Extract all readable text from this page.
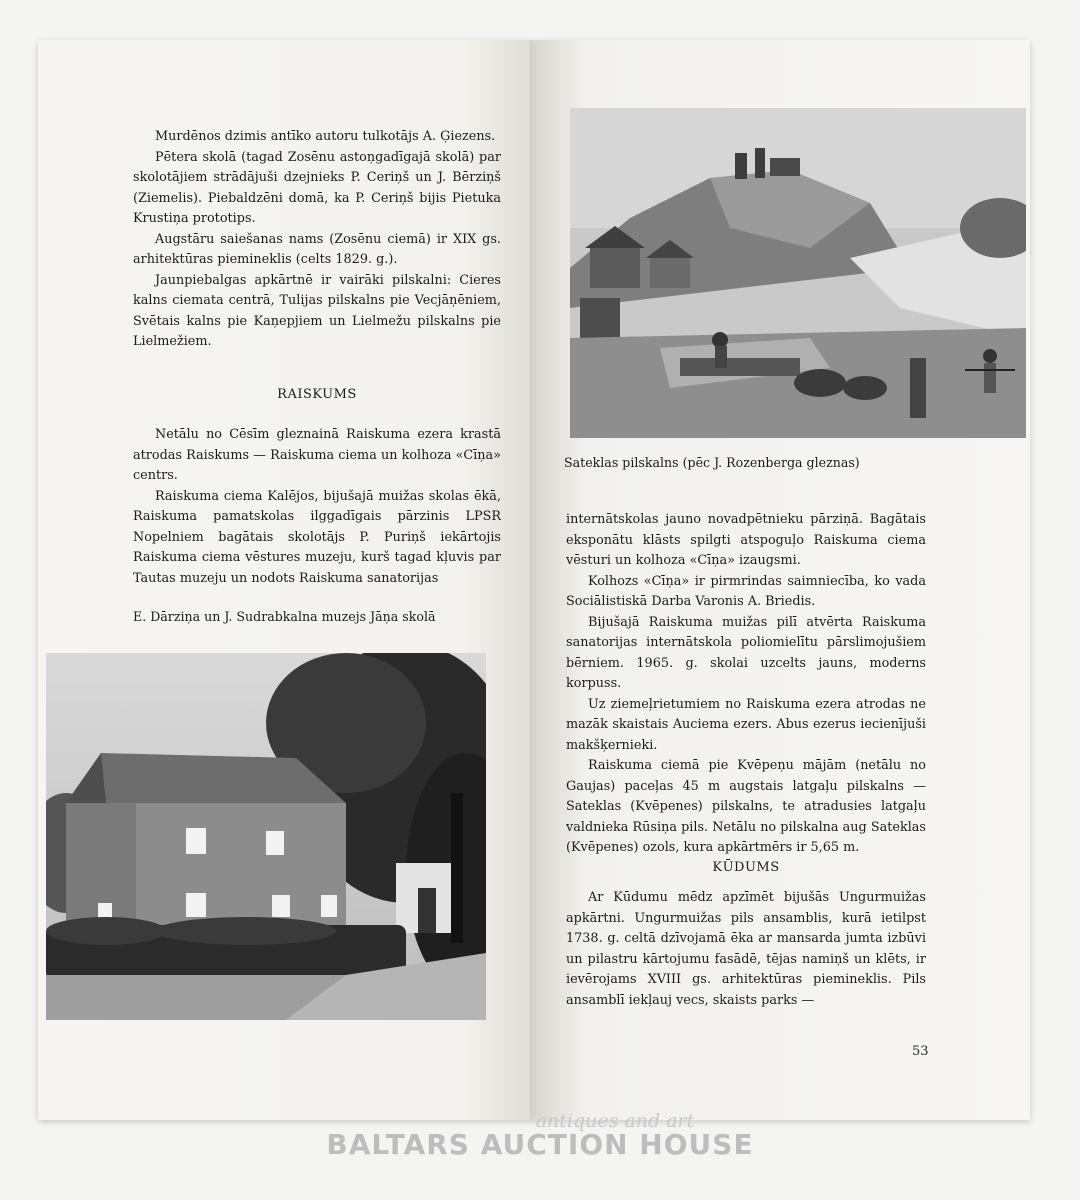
Murdēnos dzimis antīko autoru tulkotājs A. Ģiezens.

Pētera skolā (tagad Zosēnu astoņgadīgajā skolā) par skolotājiem strādājuši dzejnieks P. Ceriņš un J. Bērziņš (Ziemelis). Piebaldzēni domā, ka P. Ceriņš bijis Pietuka Krustiņa prototips.

Augstāru saiešanas nams (Zosēnu ciemā) ir XIX gs. arhitektūras piemineklis (celts 1829. g.).

Jaunpiebalgas apkārtnē ir vairāki pilskalni: Cieres kalns ciemata centrā, Tulijas pilskalns pie Vecjāņēniem, Svētais kalns pie Kaņepjiem un Lielmežu pilskalns pie Lielmežiem.

RAISKUMS

Netālu no Cēsīm gleznainā Raiskuma ezera krastā atrodas Raiskums — Raiskuma ciema un kolhoza «Cīņa» centrs.

Raiskuma ciema Kalējos, bijušajā muižas skolas ēkā, Raiskuma pamatskolas ilggadīgais pārzinis LPSR Nopelniem bagātais skolotājs P. Puriņš iekārtojis Raiskuma ciema vēstures muzeju, kurš tagad kļuvis par Tautas muzeju un nodots Raiskuma sanatorijas

E. Dārziņa un J. Sudrabkalna muzejs Jāņa skolā
Sateklas pilskalns (pēc J. Rozenberga gleznas)

internātskolas jauno novadpētnieku pārziņā. Bagātais eksponātu klāsts spilgti atspoguļo Raiskuma ciema vēsturi un kolhoza «Cīņa» izaugsmi.

Kolhozs «Cīņa» ir pirmrindas saimniecība, ko vada Sociālistiskā Darba Varonis A. Briedis.

Bijušajā Raiskuma muižas pilī atvērta Raiskuma sanatorijas internātskola poliomielītu pārslimojušiem bērniem. 1965. g. skolai uzcelts jauns, moderns korpuss.

Uz ziemeļrietumiem no Raiskuma ezera atrodas ne mazāk skaistais Auciema ezers. Abus ezerus iecienījuši makšķernieki.

Raiskuma ciemā pie Kvēpeņu mājām (netālu no Gaujas) paceļas 45 m augstais latgaļu pilskalns — Sateklas (Kvēpenes) pilskalns, te atradusies latgaļu valdnieka Rūsiņa pils. Netālu no pilskalna aug Sateklas (Kvēpenes) ozols, kura apkārtmērs ir 5,65 m.

KŪDUMS

Ar Kūdumu mēdz apzīmēt bijušās Ungurmuižas apkārtni. Ungurmuižas pils ansamblis, kurā ietilpst 1738. g. celtā dzīvojamā ēka ar mansarda jumta izbūvi un pilastru kārtojumu fasādē, tējas namiņš un klēts, ir ievērojams XVIII gs. arhitektūras piemineklis. Pils ansamblī iekļauj vecs, skaists parks —

53
antiques and art
BALTARS AUCTION HOUSE
